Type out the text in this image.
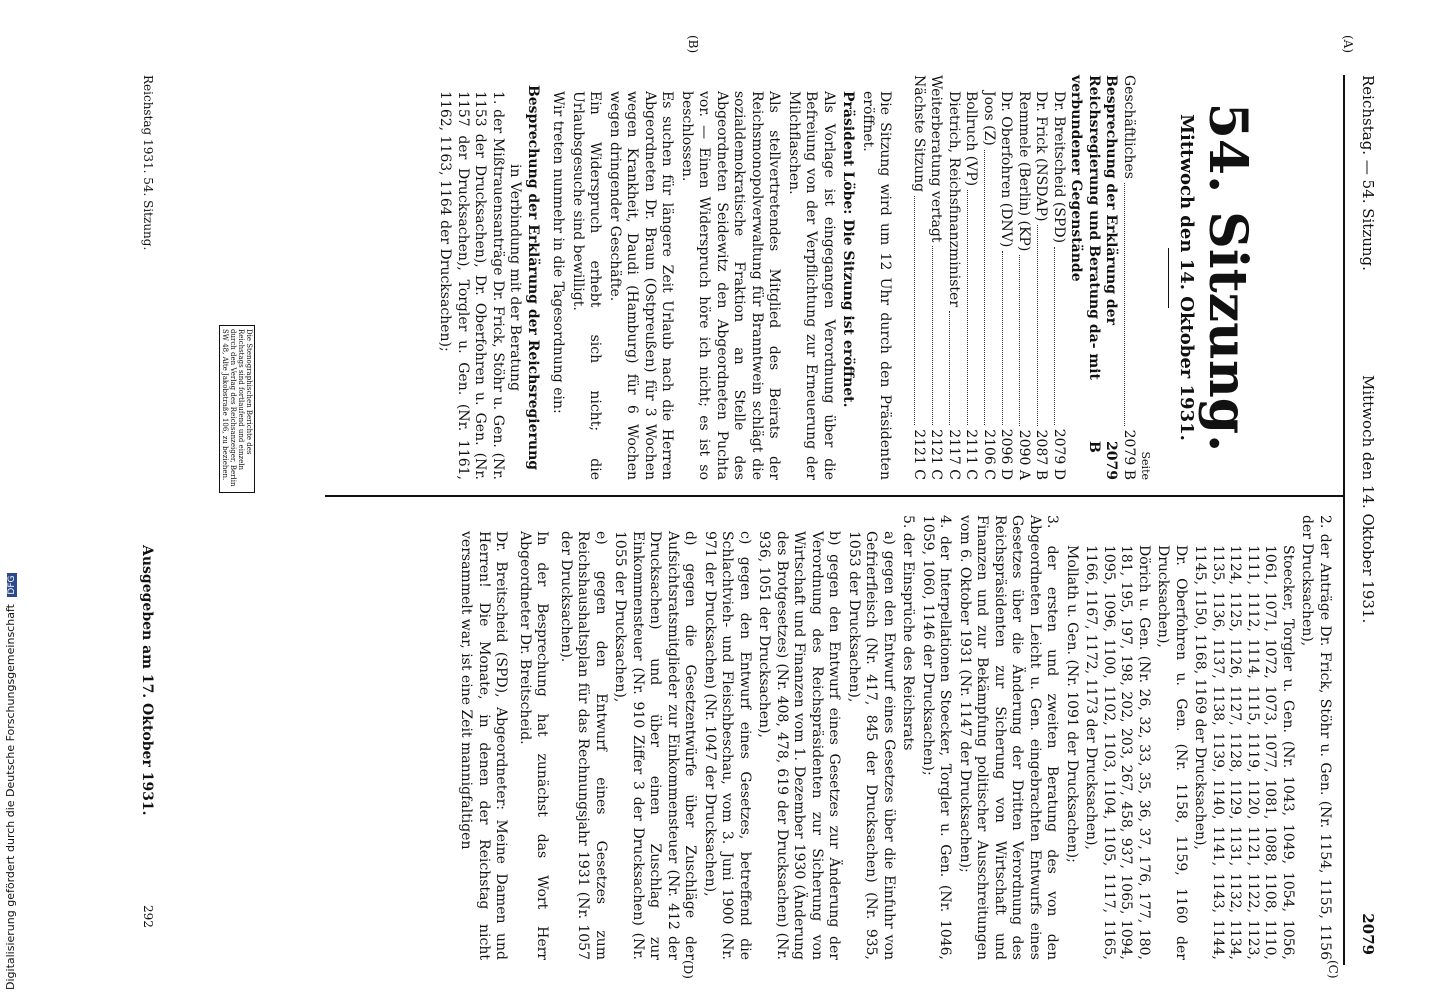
Reichstag. — 54. Sitzung.
Mittwoch den 14. Oktober 1931.
2079
(A)
(B)
(C)
(D)
54. Sitzung.
Mittwoch den 14. Oktober 1931.
Seite
Geschäftliches
2079 B
Besprechung der Erklärung der Reichsregierung und Beratung da- mit verbundener Gegenstände
2079 B
Dr. Breitscheid (SPD)
2079 D
Dr. Frick (NSDAP)
2087 B
Remmele (Berlin) (KP)
2090 A
Dr. Oberfohren (DNV)
2096 D
Joos (Z)
2106 C
Bollruch (VP)
2111 C
Dietrich, Reichsfinanzminister
2117 C
Weiterberatung vertagt
2121 C
Nächste Sitzung
2121 C

Die Sitzung wird um 12 Uhr durch den Präsidenten eröffnet.

Präsident Löbe: Die Sitzung ist eröffnet.

Als Vorlage ist eingegangen Verordnung über die Befreiung von der Verpflichtung zur Erneuerung der Milchflaschen.

Als stellvertretendes Mitglied des Beirats der Reichsmonopolverwaltung für Branntwein schlägt die sozialdemokratische Fraktion an Stelle des Abgeordneten Seidewitz den Abgeordneten Puchta vor. — Einen Widerspruch höre ich nicht; es ist so beschlossen.

Es suchen für längere Zeit Urlaub nach die Herren Abgeordneten Dr. Braun (Ostpreußen) für 3 Wochen wegen Krankheit, Daudi (Hamburg) für 6 Wochen wegen dringender Geschäfte.

Ein Widerspruch erhebt sich nicht; die Urlaubsgesuche sind bewilligt.

Wir treten nunmehr in die Tagesordnung ein:

Besprechung der Erklärung der Reichsregierung
in Verbindung mit der Beratung

1. der Mißtrauensanträge Dr. Frick, Stöhr u. Gen. (Nr. 1153 der Drucksachen), Dr. Oberfohren u. Gen. (Nr. 1157 der Drucksachen), Torgler u. Gen. (Nr. 1161, 1162, 1163, 1164 der Drucksachen);

2. der Anträge Dr. Frick, Stöhr u. Gen. (Nr. 1154, 1155, 1156 der Drucksachen),

Stoecker, Torgler u. Gen. (Nr. 1043, 1049, 1054, 1056, 1061, 1071, 1072, 1073, 1077, 1081, 1088, 1108, 1110, 1111, 1112, 1114, 1115, 1119, 1120, 1121, 1122, 1123, 1124, 1125, 1126, 1127, 1128, 1129, 1131, 1132, 1134, 1135, 1136, 1137, 1138, 1139, 1140, 1141, 1143, 1144, 1145, 1150, 1168, 1169 der Drucksachen),

Dr. Oberfohren u. Gen. (Nr. 1158, 1159, 1160 der Drucksachen),

Dörich u. Gen. (Nr. 26, 32, 33, 35, 36, 37, 176, 177, 180, 181, 195, 197, 198, 202, 203, 267, 458, 937, 1065, 1094, 1095, 1096, 1100, 1102, 1103, 1104, 1105, 1117, 1165, 1166, 1167, 1172, 1173 der Drucksachen),

Mollath u. Gen. (Nr. 1091 der Drucksachen);

3. der ersten und zweiten Beratung des von den Abgeordneten Leicht u. Gen. eingebrachten Entwurfs eines Gesetzes über die Änderung der Dritten Verordnung des Reichspräsidenten zur Sicherung von Wirtschaft und Finanzen und zur Bekämpfung politischer Ausschreitungen vom 6. Oktober 1931 (Nr. 1147 der Drucksachen);

4. der Interpellationen Stoecker, Torgler u. Gen. (Nr. 1046, 1059, 1060, 1146 der Drucksachen);

5. der Einsprüche des Reichsrats

a) gegen den Entwurf eines Gesetzes über die Einfuhr von Gefrierfleisch (Nr. 417, 845 der Drucksachen) (Nr. 935, 1053 der Drucksachen),

b) gegen den Entwurf eines Gesetzes zur Änderung der Verordnung des Reichspräsidenten zur Sicherung von Wirtschaft und Finanzen vom 1. Dezember 1930 (Änderung des Brotgesetzes) (Nr. 408, 478, 619 der Drucksachen) (Nr. 936, 1051 der Drucksachen),

c) gegen den Entwurf eines Gesetzes, betreffend die Schlachtvieh- und Fleischbeschau, vom 3. Juni 1900 (Nr. 971 der Drucksachen) (Nr. 1047 der Drucksachen),

d) gegen die Gesetzentwürfe über Zuschläge der Aufsichtsratsmitglieder zur Einkommensteuer (Nr. 412 der Drucksachen) und über einen Zuschlag zur Einkommensteuer (Nr. 910 Ziffer 3 der Drucksachen) (Nr. 1055 der Drucksachen),

e) gegen den Entwurf eines Gesetzes zum Reichshaushaltsplan für das Rechnungsjahr 1931 (Nr. 1057 der Drucksachen).

In der Besprechung hat zunächst das Wort Herr Abgeordneter Dr. Breitscheid.

Dr. Breitscheid (SPD), Abgeordneter: Meine Damen und Herren! Die Monate, in denen der Reichstag nicht versammelt war, ist eine Zeit mannigfaltigen

Die Stenographischen Berichte des Reichstags sind fortlaufend und einzeln durch den Verlag des Reichsanzeiger, Berlin SW 48, Alte Jakobstraße 106, zu beziehen.
Reichstag 1931. 54. Sitzung.
Ausgegeben am 17. Oktober 1931.
292
Digitalisierung gefördert durch die Deutsche Forschungsgemeinschaft DFG
